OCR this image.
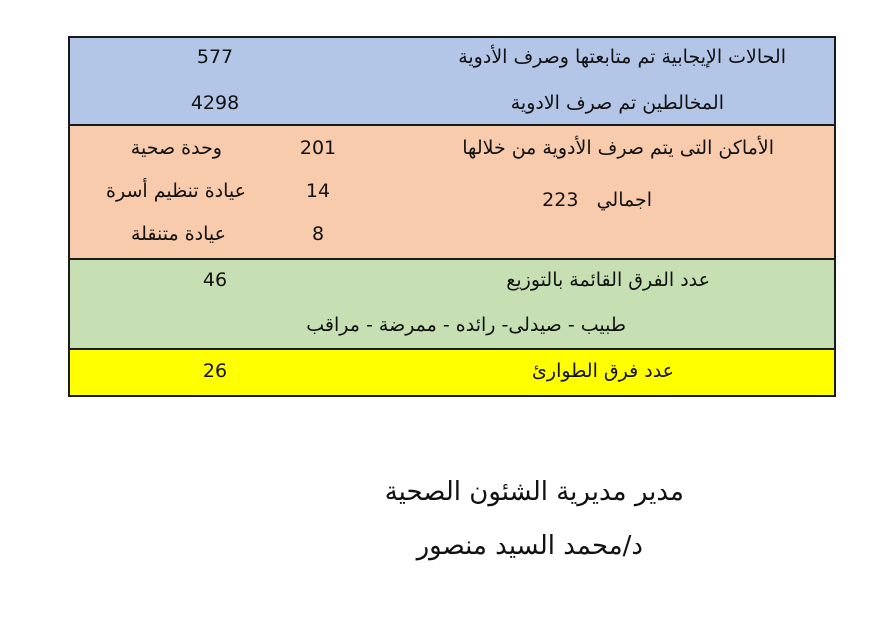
الحالات الإيجابية تم متابعتها وصرف الأدوية
577
المخالطين تم صرف الادوية
4298
الأماكن التى يتم صرف الأدوية من خلالها
اجمالي   223
201
وحدة صحية
14
عيادة تنظيم أسرة
8
عيادة متنقلة
عدد الفرق القائمة بالتوزيع
46
طبيب - صيدلى- رائده - ممرضة - مراقب
عدد فرق الطوارئ
26
مدير مديرية الشئون الصحية
د/محمد السيد منصور
